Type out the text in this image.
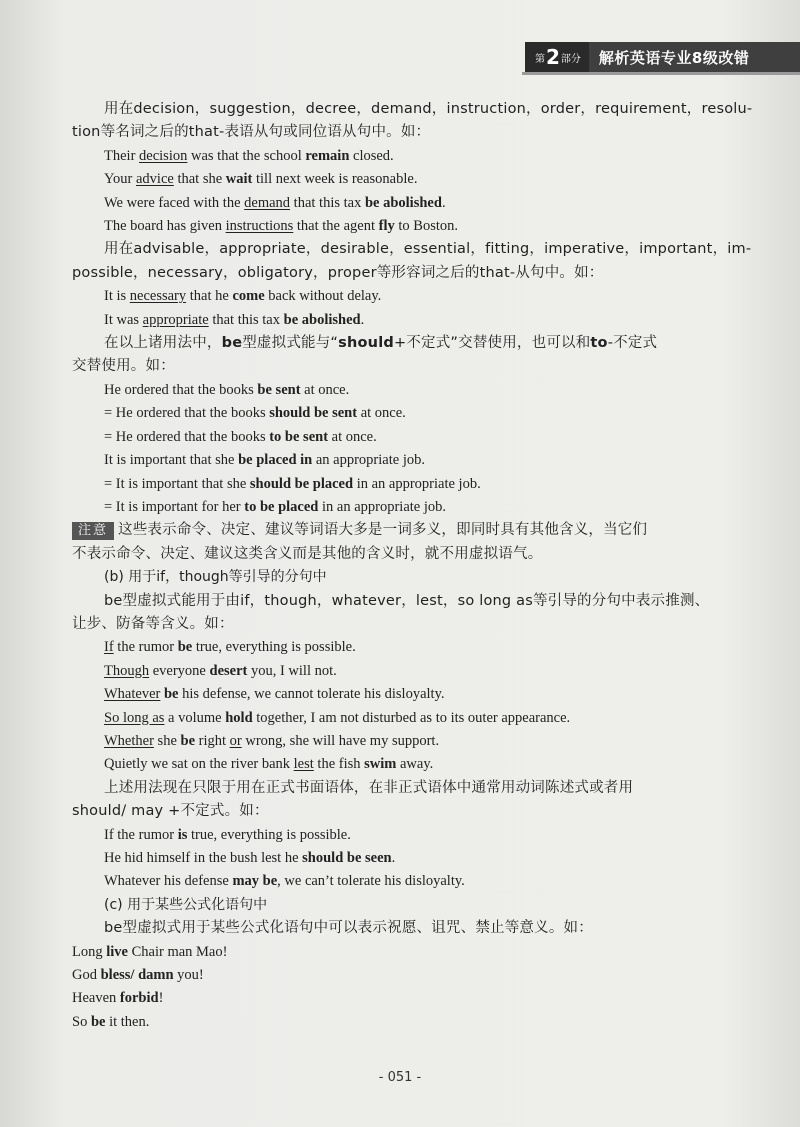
第 2 部分	解析英语专业8级改错
用在decision，suggestion，decree，demand，instruction，order，requirement，resolu-
tion等名词之后的that-表语从句或同位语从句中。如：
Their decision was that the school remain closed.
Your advice that she wait till next week is reasonable.
We were faced with the demand that this tax be abolished.
The board has given instructions that the agent fly to Boston.
用在advisable，appropriate，desirable，essential，fitting，imperative，important，im-
possible，necessary，obligatory，proper等形容词之后的that-从句中。如：
It is necessary that he come back without delay.
It was appropriate that this tax be abolished.
在以上诸用法中，be型虚拟式能与“should+不定式”交替使用，也可以和to-不定式
交替使用。如：
He ordered that the books be sent at once.
= He ordered that the books should be sent at once.
= He ordered that the books to be sent at once.
It is important that she be placed in an appropriate job.
= It is important that she should be placed in an appropriate job.
= It is important for her to be placed in an appropriate job.
注意 这些表示命令、决定、建议等词语大多是一词多义，即同时具有其他含义，当它们
不表示命令、决定、建议这类含义而是其他的含义时，就不用虚拟语气。
(b) 用于if，though等引导的分句中
be型虚拟式能用于由if，though，whatever，lest，so long as等引导的分句中表示推测、
让步、防备等含义。如：
If the rumor be true, everything is possible.
Though everyone desert you, I will not.
Whatever be his defense, we cannot tolerate his disloyalty.
So long as a volume hold together, I am not disturbed as to its outer appearance.
Whether she be right or wrong, she will have my support.
Quietly we sat on the river bank lest the fish swim away.
上述用法现在只限于用在正式书面语体，在非正式语体中通常用动词陈述式或者用
should/ may +不定式。如：
If the rumor is true, everything is possible.
He hid himself in the bush lest he should be seen.
Whatever his defense may be, we can’t tolerate his disloyalty.
(c) 用于某些公式化语句中
be型虚拟式用于某些公式化语句中可以表示祝愿、诅咒、禁止等意义。如：
Long live Chair man Mao!
God bless/ damn you!
Heaven forbid!
So be it then.
- 051 -
